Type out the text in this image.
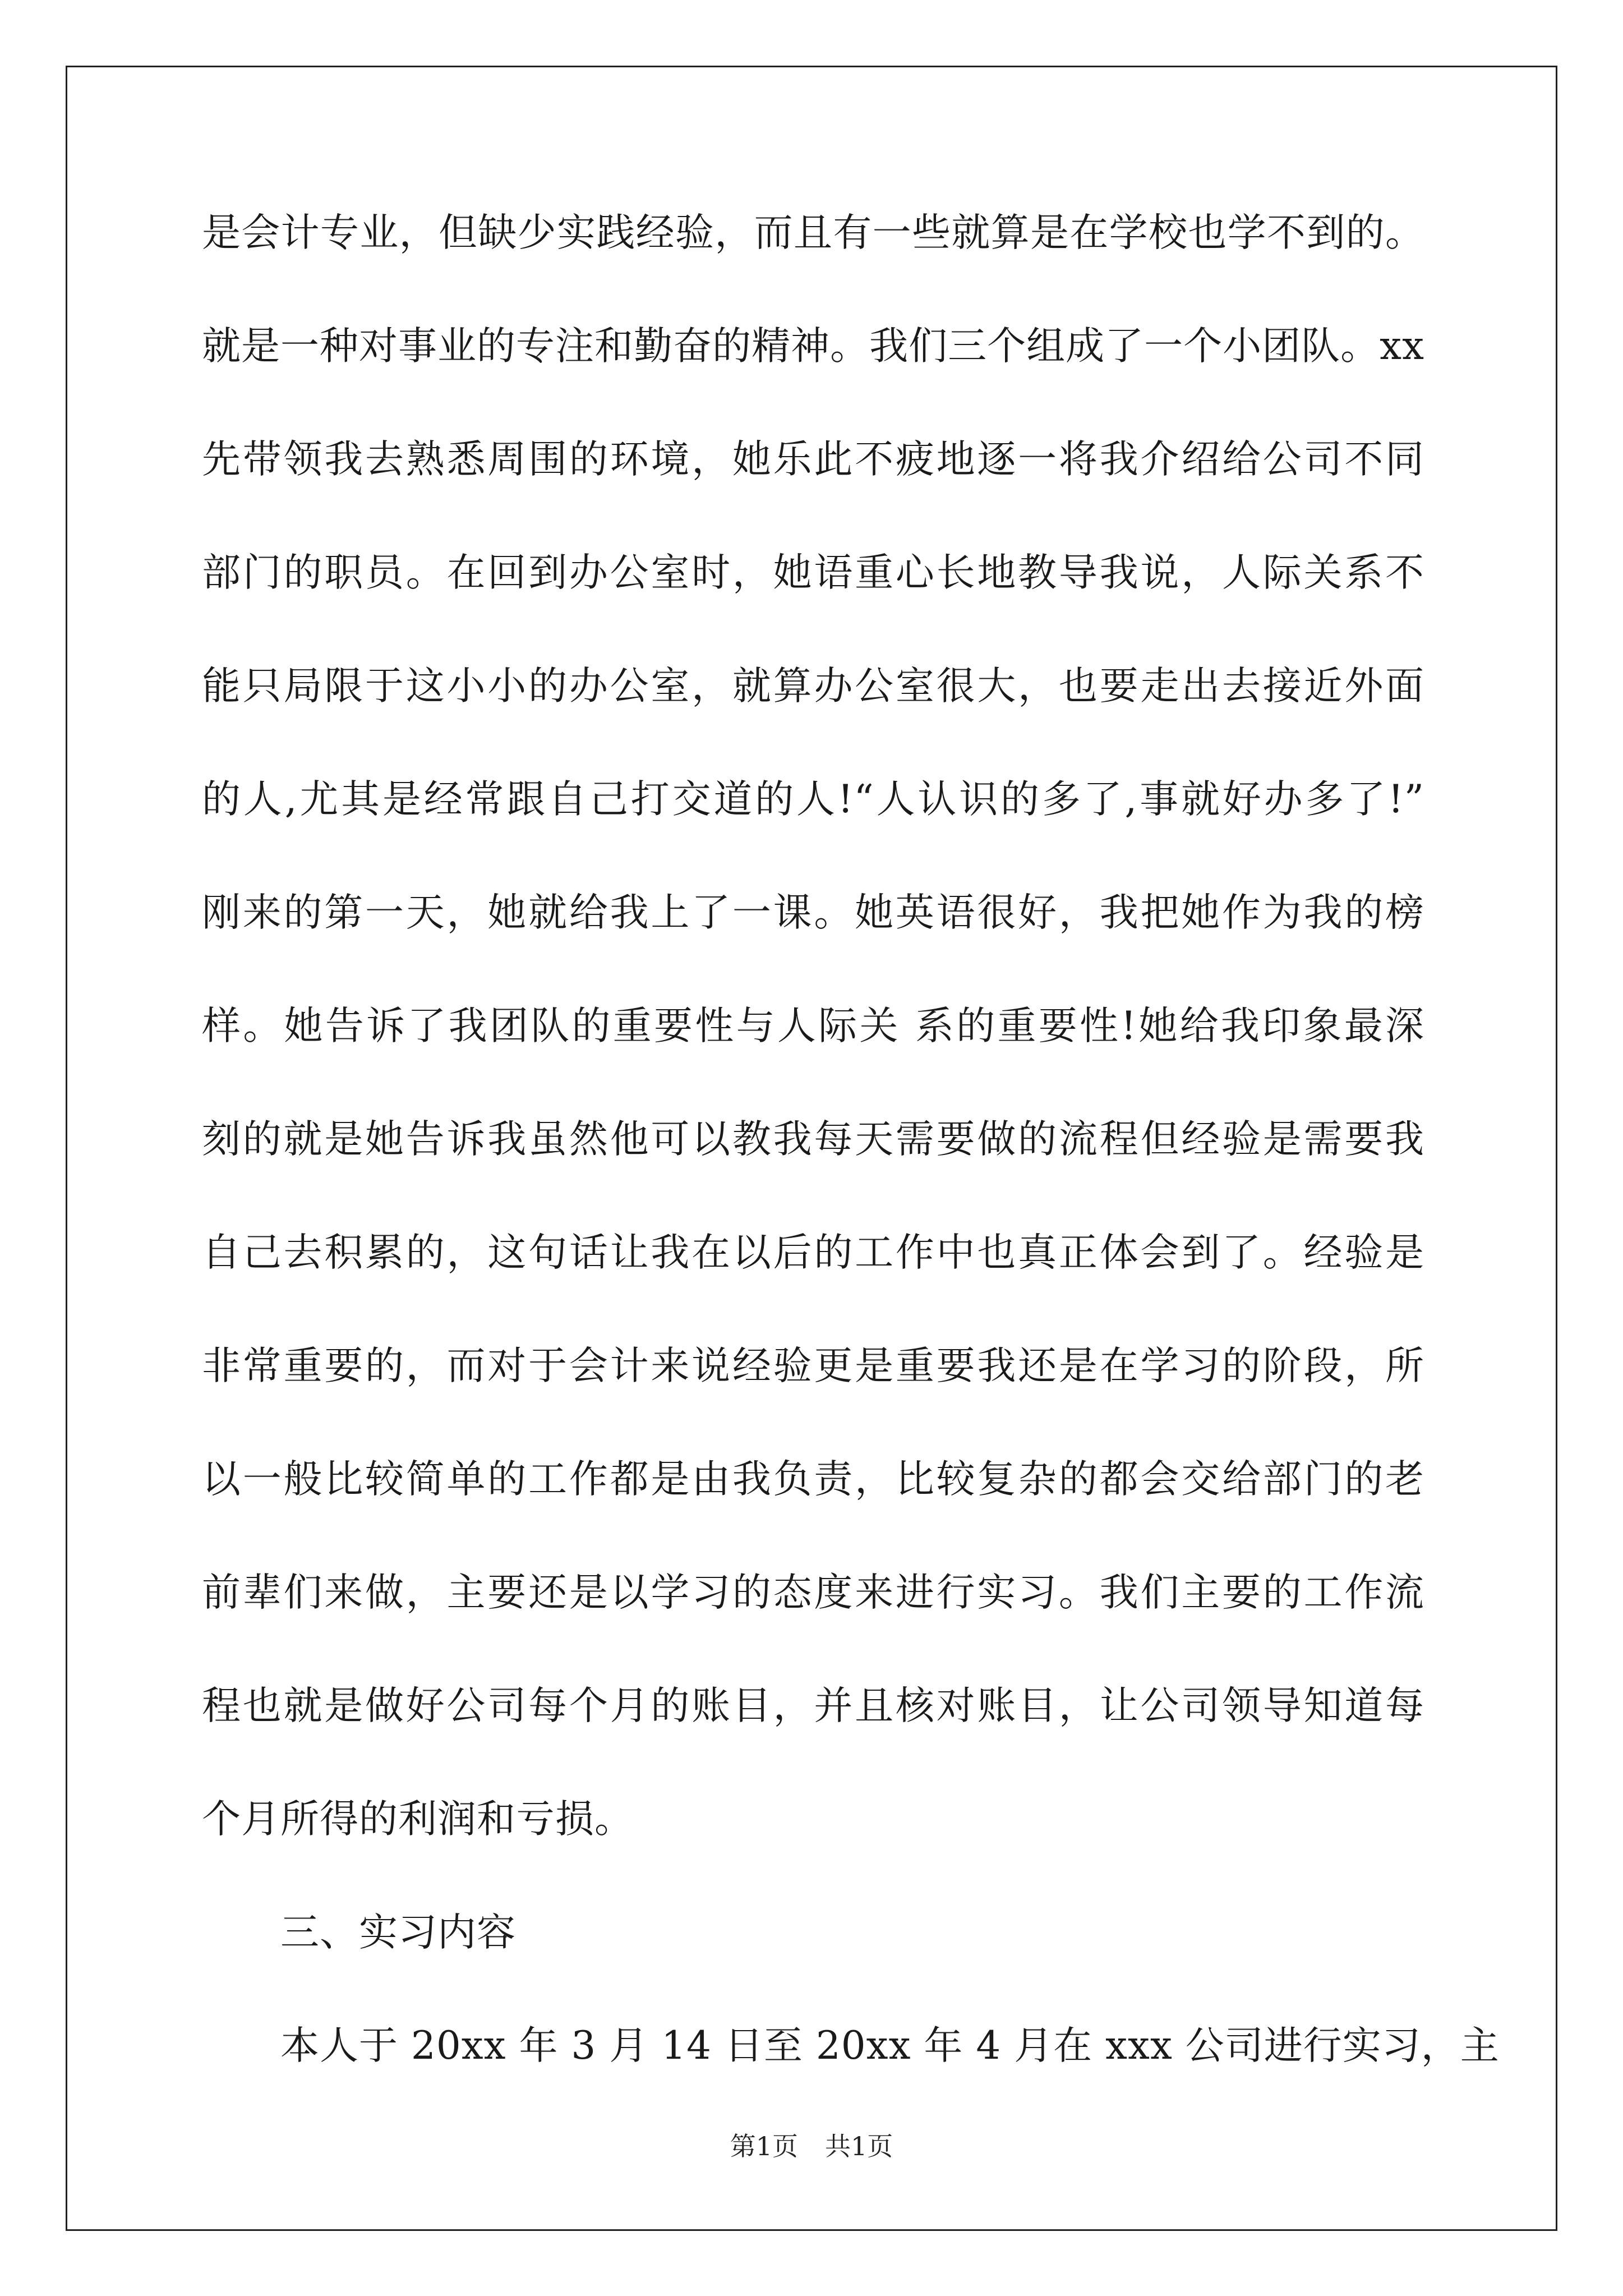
是会计专业，但缺少实践经验，而且有一些就算是在学校也学不到的。
就是一种对事业的专注和勤奋的精神。我们三个组成了一个小团队。xx
先带领我去熟悉周围的环境，她乐此不疲地逐一将我介绍给公司不同
部门的职员。在回到办公室时，她语重心长地教导我说，人际关系不
能只局限于这小小的办公室，就算办公室很大，也要走出去接近外面
的人,尤其是经常跟自己打交道的人!“人认识的多了,事就好办多了!”
刚来的第一天，她就给我上了一课。她英语很好，我把她作为我的榜
样。她告诉了我团队的重要性与人际关 系的重要性!她给我印象最深
刻的就是她告诉我虽然他可以教我每天需要做的流程但经验是需要我
自己去积累的，这句话让我在以后的工作中也真正体会到了。经验是
非常重要的，而对于会计来说经验更是重要我还是在学习的阶段，所
以一般比较简单的工作都是由我负责，比较复杂的都会交给部门的老
前辈们来做，主要还是以学习的态度来进行实习。我们主要的工作流
程也就是做好公司每个月的账目，并且核对账目，让公司领导知道每
个月所得的利润和亏损。
三、实习内容
本人于 20xx 年 3 月 14 日至 20xx 年 4 月在 xxx 公司进行实习，主
第1页 共1页
